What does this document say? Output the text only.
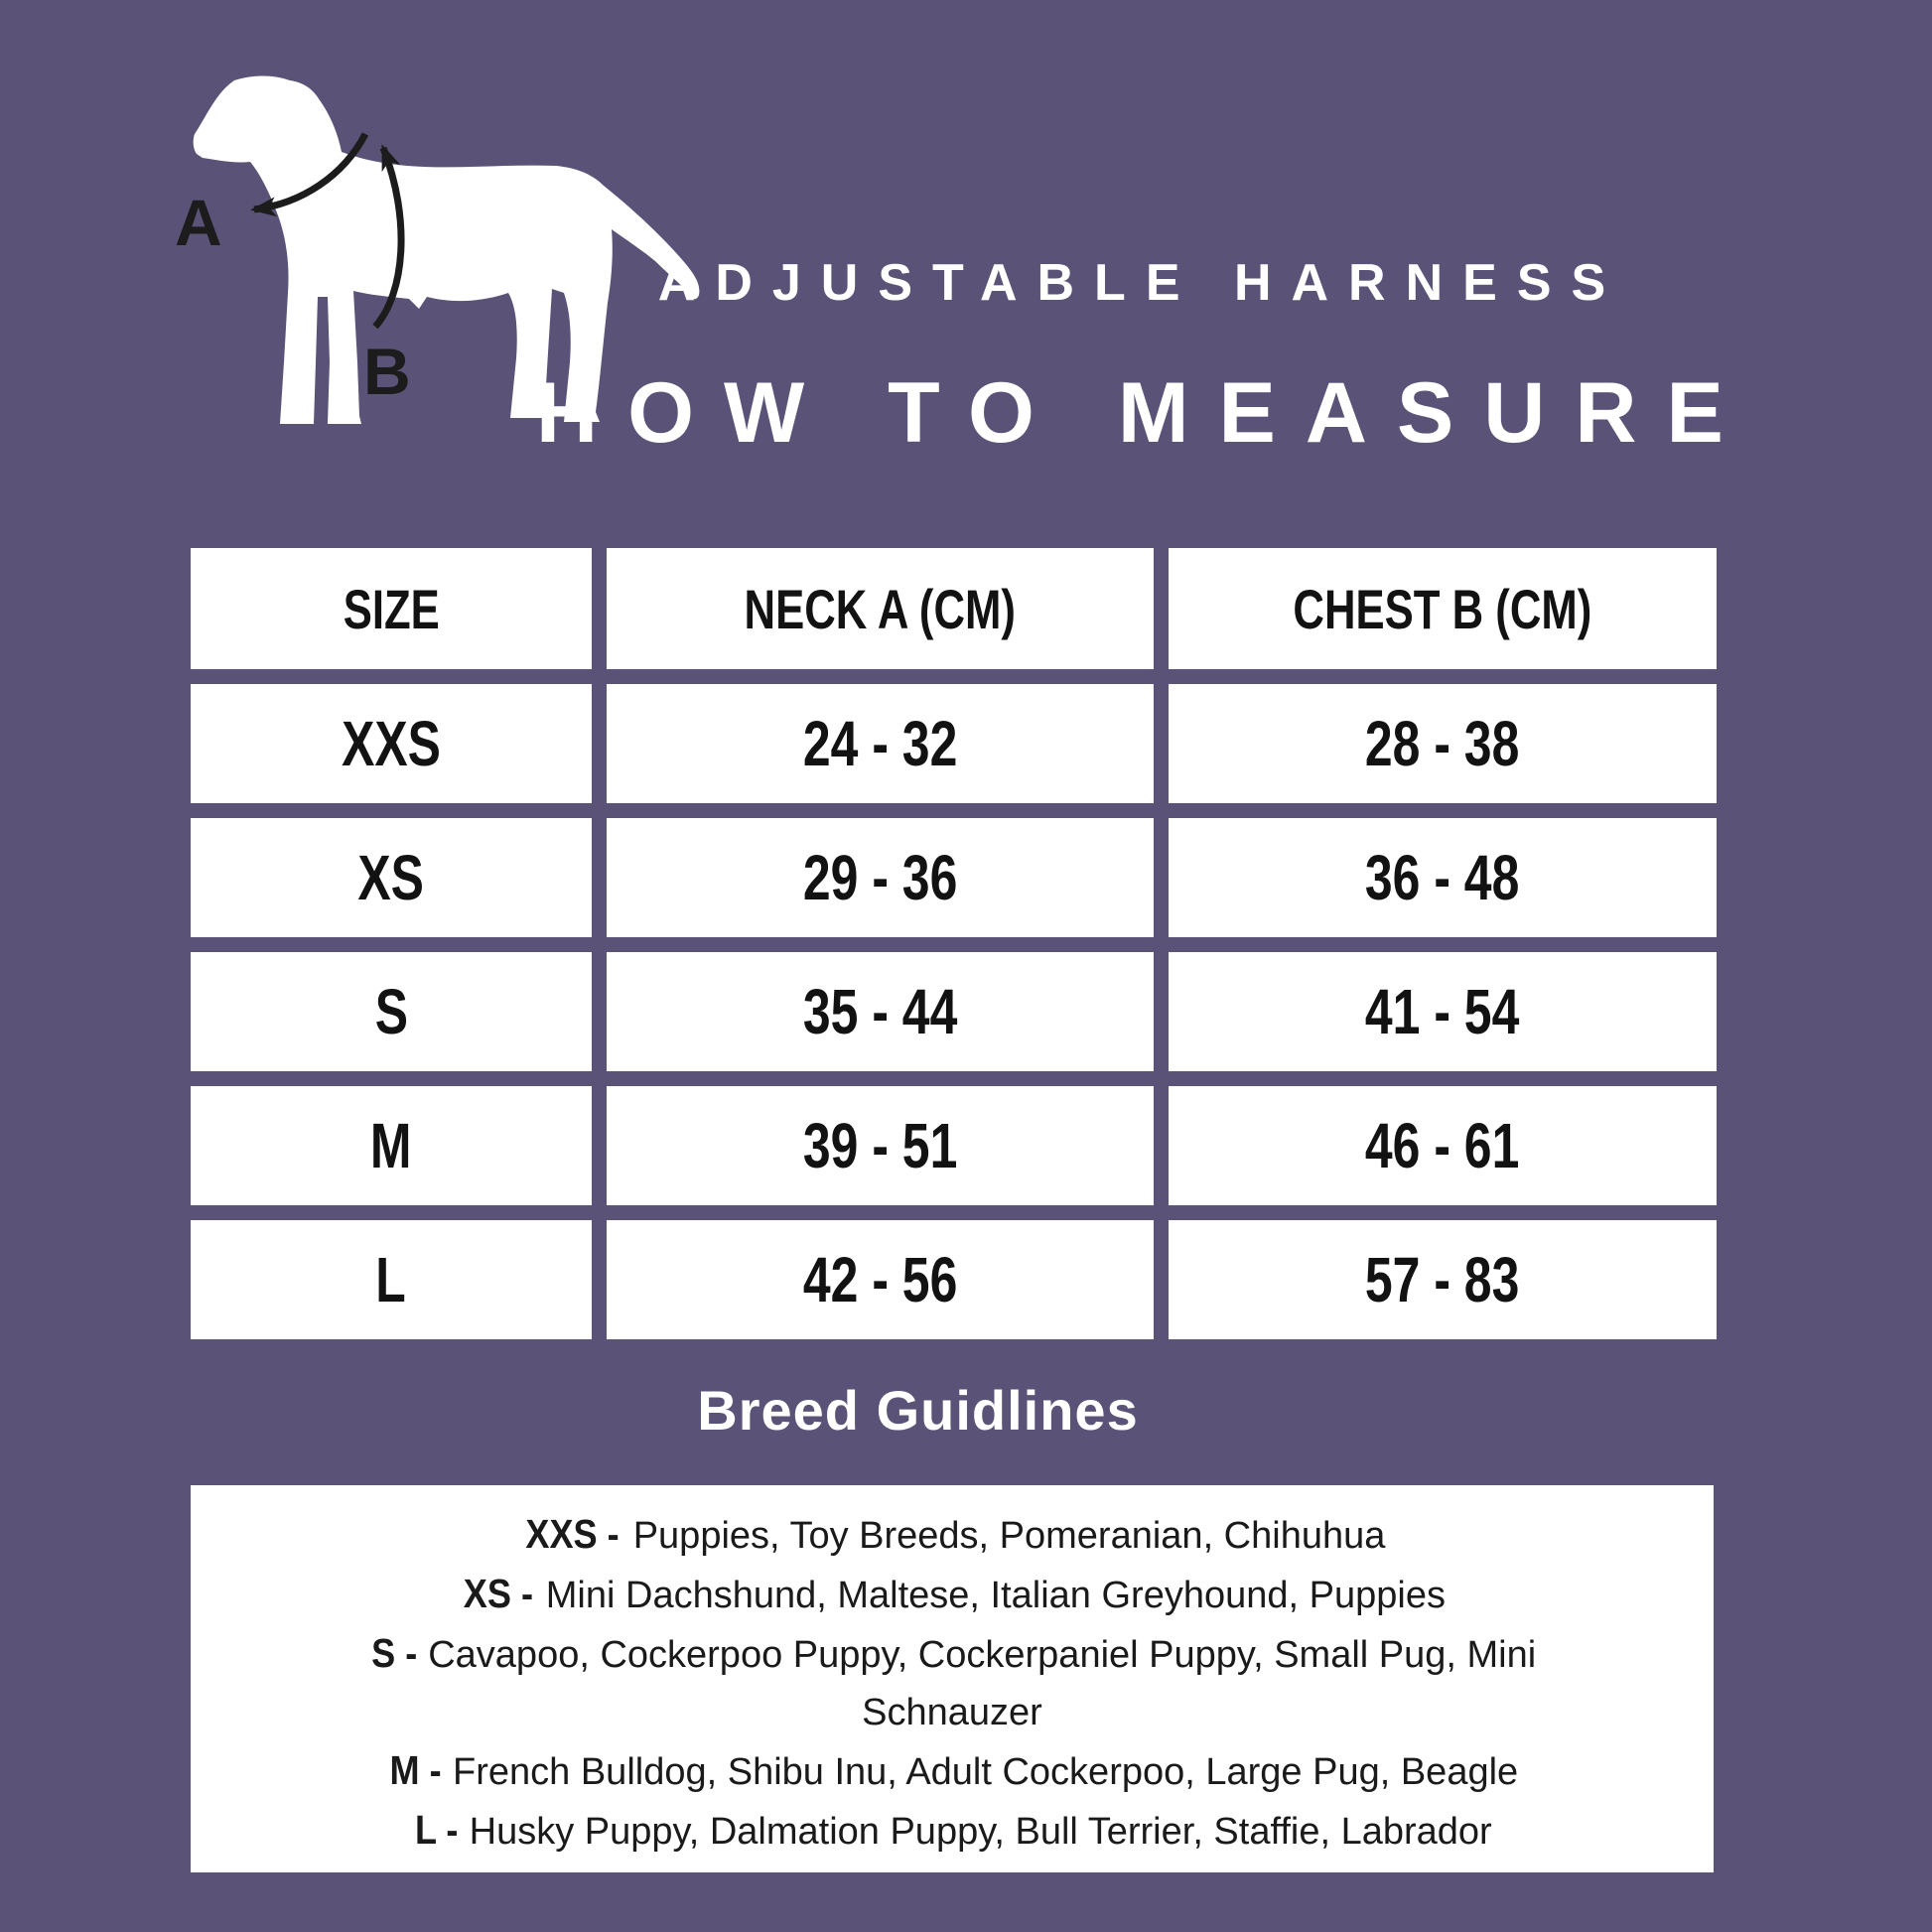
A
B
ADJUSTABLE HARNESS
HOW TO MEASURE
SIZE	NECK A (CM)	CHEST B (CM)
XXS	24 - 32	28 - 38
XS	29 - 36	36 - 48
S	35 - 44	41 - 54
M	39 - 51	46 - 61
L	42 - 56	57 - 83
Breed Guidlines

XXS - Puppies, Toy Breeds, Pomeranian, Chihuhua

XS - Mini Dachshund, Maltese, Italian Greyhound, Puppies

S - Cavapoo, Cockerpoo Puppy, Cockerpaniel Puppy, Small Pug, Mini Schnauzer

M - French Bulldog, Shibu Inu, Adult Cockerpoo, Large Pug, Beagle

L - Husky Puppy, Dalmation Puppy, Bull Terrier, Staffie, Labrador
